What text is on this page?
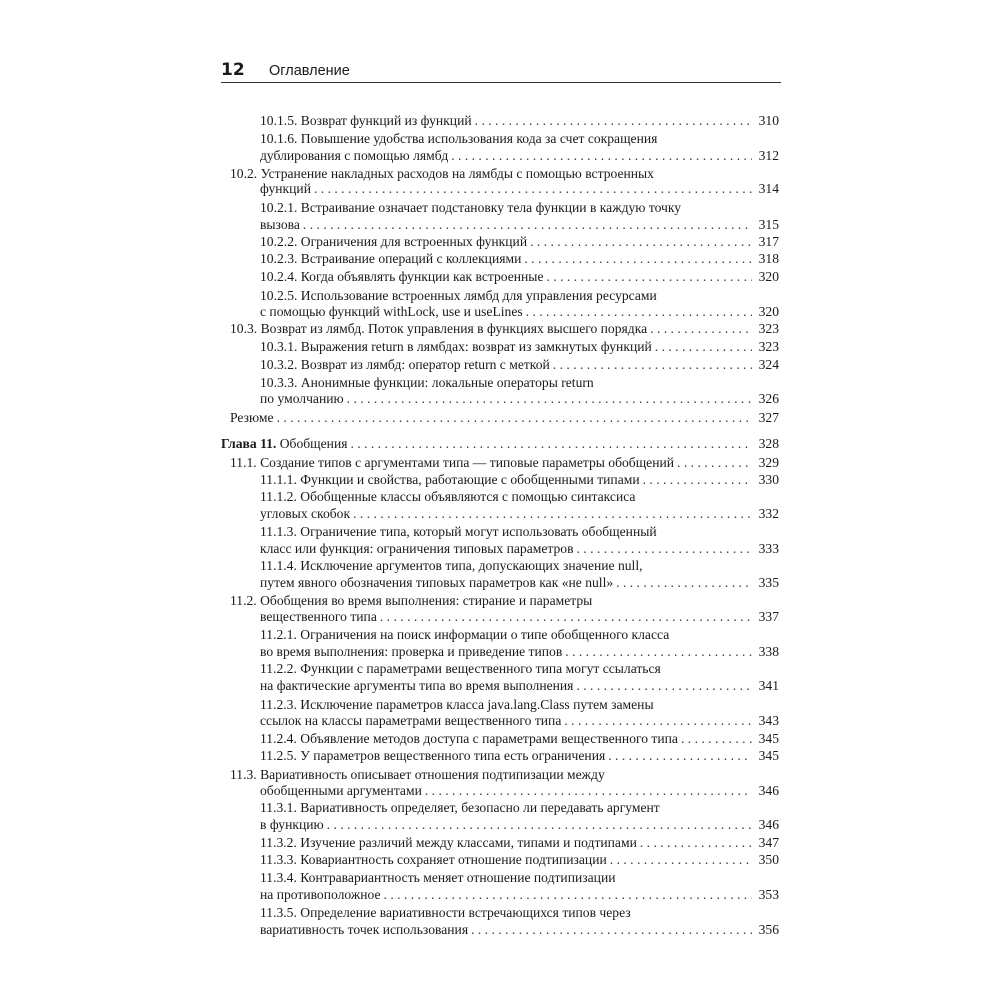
12 Оглавление
10.1.5. Возврат функций из функций . . .	310
10.1.6. Повышение удобства использования кода за счет сокращения
дублирования с помощью лямбд . . .	312
10.2. Устранение накладных расходов на лямбды с помощью встроенных
функций . . .	314
10.2.1. Встраивание означает подстановку тела функции в каждую точку
вызова . . .	315
10.2.2. Ограничения для встроенных функций . . .	317
10.2.3. Встраивание операций с коллекциями . . .	318
10.2.4. Когда объявлять функции как встроенные . . .	320
10.2.5. Использование встроенных лямбд для управления ресурсами
с помощью функций withLock, use и useLines . . .	320
10.3. Возврат из лямбд. Поток управления в функциях высшего порядка . . .	323
10.3.1. Выражения return в лямбдах: возврат из замкнутых функций . . .	323
10.3.2. Возврат из лямбд: оператор return с меткой . . .	324
10.3.3. Анонимные функции: локальные операторы return
по умолчанию . . .	326
Резюме . . .	327
Глава 11. Обобщения . . .	328
11.1. Создание типов с аргументами типа — типовые параметры обобщений . . .	329
11.1.1. Функции и свойства, работающие с обобщенными типами . . .	330
11.1.2. Обобщенные классы объявляются с помощью синтаксиса
угловых скобок . . .	332
11.1.3. Ограничение типа, который могут использовать обобщенный
класс или функция: ограничения типовых параметров . . .	333
11.1.4. Исключение аргументов типа, допускающих значение null,
путем явного обозначения типовых параметров как «не null» . . .	335
11.2. Обобщения во время выполнения: стирание и параметры
вещественного типа . . .	337
11.2.1. Ограничения на поиск информации о типе обобщенного класса
во время выполнения: проверка и приведение типов . . .	338
11.2.2. Функции с параметрами вещественного типа могут ссылаться
на фактические аргументы типа во время выполнения . . .	341
11.2.3. Исключение параметров класса java.lang.Class путем замены
ссылок на классы параметрами вещественного типа . . .	343
11.2.4. Объявление методов доступа с параметрами вещественного типа . . .	345
11.2.5. У параметров вещественного типа есть ограничения . . .	345
11.3. Вариативность описывает отношения подтипизации между
обобщенными аргументами . . .	346
11.3.1. Вариативность определяет, безопасно ли передавать аргумент
в функцию . . .	346
11.3.2. Изучение различий между классами, типами и подтипами . . .	347
11.3.3. Ковариантность сохраняет отношение подтипизации . . .	350
11.3.4. Контравариантность меняет отношение подтипизации
на противоположное . . .	353
11.3.5. Определение вариативности встречающихся типов через
вариативность точек использования . . .	356
